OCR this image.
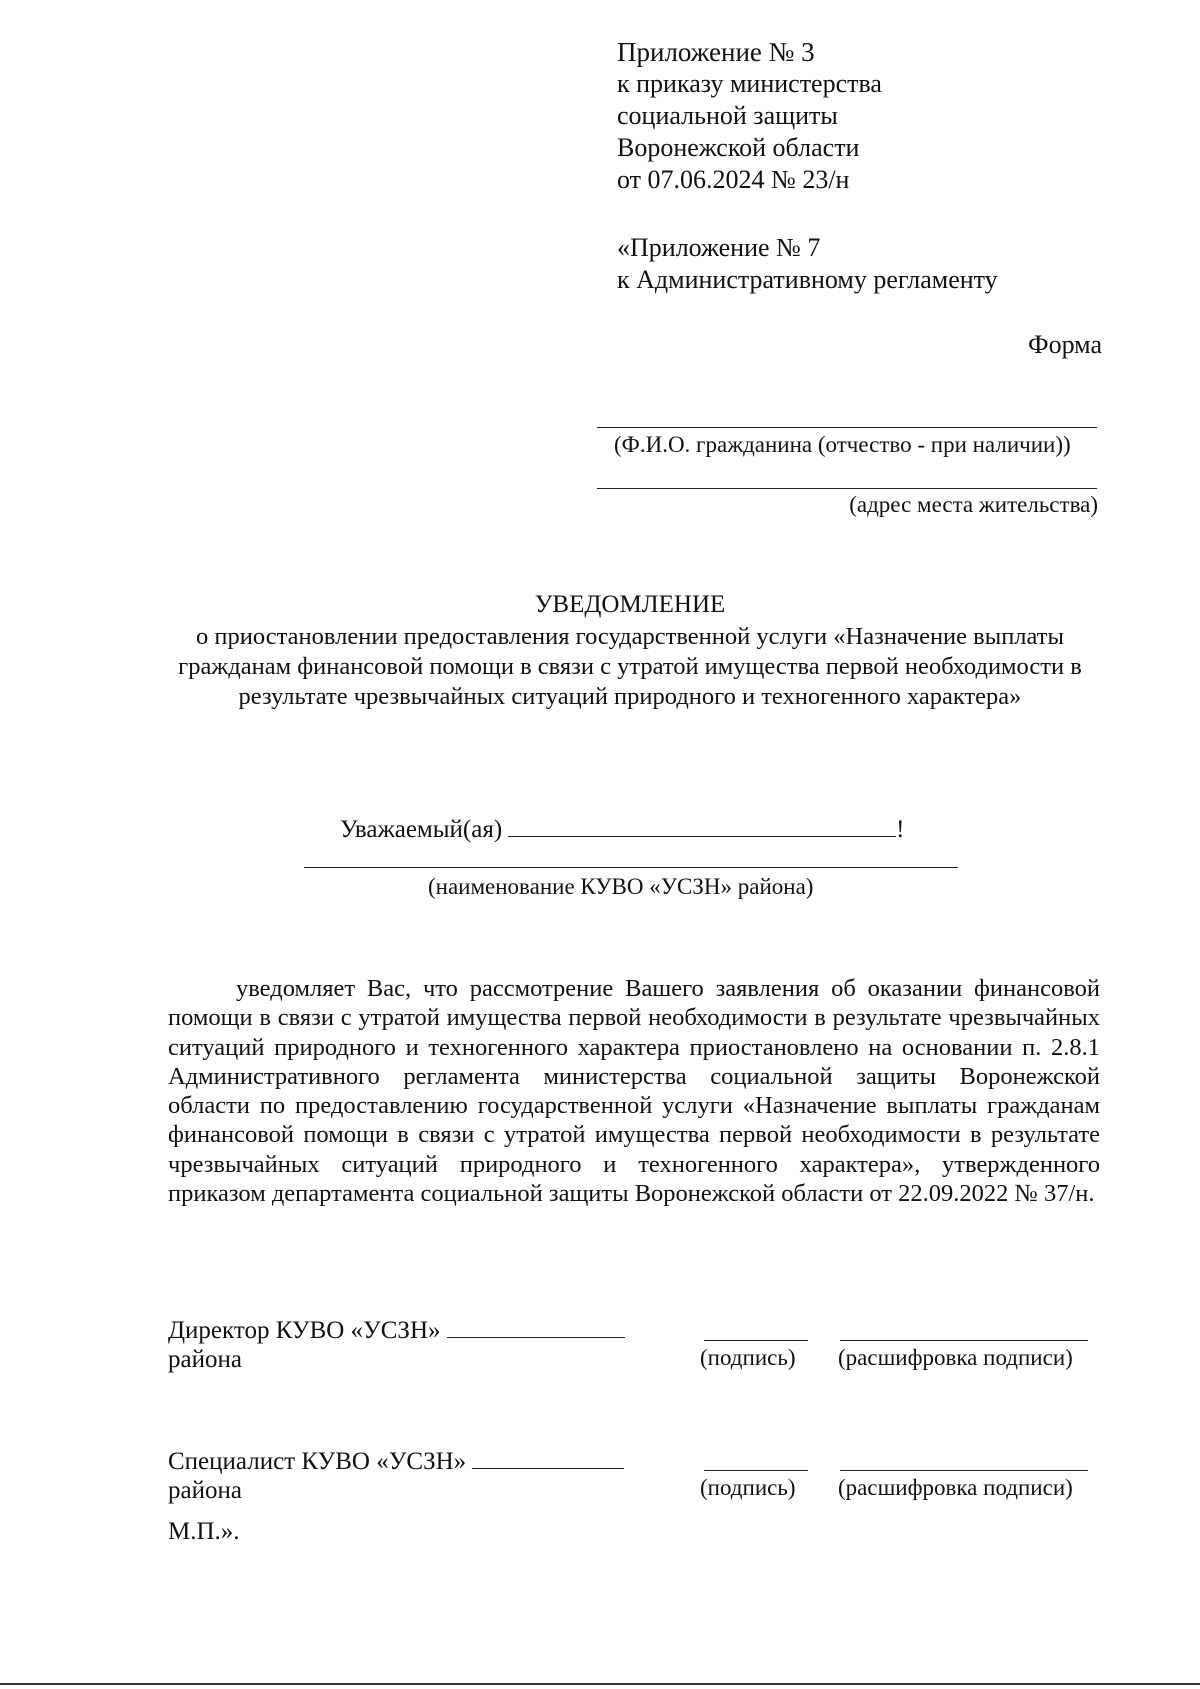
Приложение № 3
к приказу министерства
социальной защиты
Воронежской области
от 07.06.2024 № 23/н
«Приложение № 7
к Административному регламенту
Форма
(Ф.И.О. гражданина (отчество - при наличии))
(адрес места жительства)
УВЕДОМЛЕНИЕ
о приостановлении предоставления государственной услуги «Назначение выплаты гражданам финансовой помощи в связи с утратой имущества первой необходимости в результате чрезвычайных ситуаций природного и техногенного характера»
Уважаемый(ая)	!
(наименование КУВО «УСЗН» района)
уведомляет Вас, что рассмотрение Вашего заявления об оказании финансовой помощи в связи с утратой имущества первой необходимости в результате чрезвычайных ситуаций природного и техногенного характера приостановлено на основании п. 2.8.1 Административного регламента министерства социальной защиты Воронежской области по предоставлению государственной услуги «Назначение выплаты гражданам финансовой помощи в связи с утратой имущества первой необходимости в результате чрезвычайных ситуаций природного и техногенного характера», утвержденного приказом департамента социальной защиты Воронежской области от 22.09.2022 № 37/н.
Директор КУВО «УСЗН»
района	(подпись) (расшифровка подписи)
Специалист КУВО «УСЗН»
района	(подпись) (расшифровка подписи)
М.П.».
